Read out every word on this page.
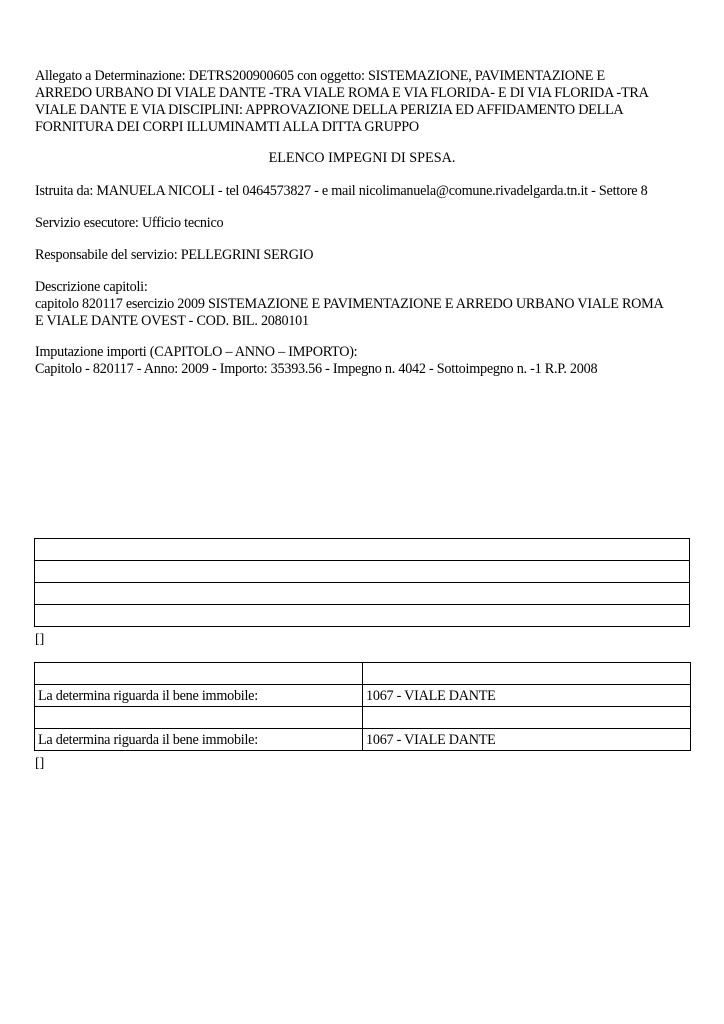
Allegato a Determinazione: DETRS200900605 con oggetto: SISTEMAZIONE, PAVIMENTAZIONE E
ARREDO URBANO DI VIALE DANTE -TRA VIALE ROMA E VIA FLORIDA- E DI VIA FLORIDA -TRA
VIALE DANTE E VIA DISCIPLINI: APPROVAZIONE DELLA PERIZIA ED AFFIDAMENTO DELLA
FORNITURA DEI CORPI ILLUMINAMTI ALLA DITTA GRUPPO
ELENCO IMPEGNI DI SPESA.
Istruita da: MANUELA NICOLI - tel 0464573827 - e mail nicolimanuela@comune.rivadelgarda.tn.it - Settore 8
Servizio esecutore: Ufficio tecnico
Responsabile del servizio: PELLEGRINI SERGIO
Descrizione capitoli:
capitolo 820117 esercizio 2009 SISTEMAZIONE E PAVIMENTAZIONE E ARREDO URBANO VIALE ROMA
E VIALE DANTE OVEST - COD. BIL. 2080101
Imputazione importi (CAPITOLO – ANNO – IMPORTO):
Capitolo - 820117 - Anno: 2009 - Importo: 35393.56 - Impegno n. 4042 - Sottoimpegno n. -1 R.P. 2008

[]

La determina riguarda il bene immobile:	1067 - VIALE DANTE

La determina riguarda il bene immobile:	1067 - VIALE DANTE
[]
